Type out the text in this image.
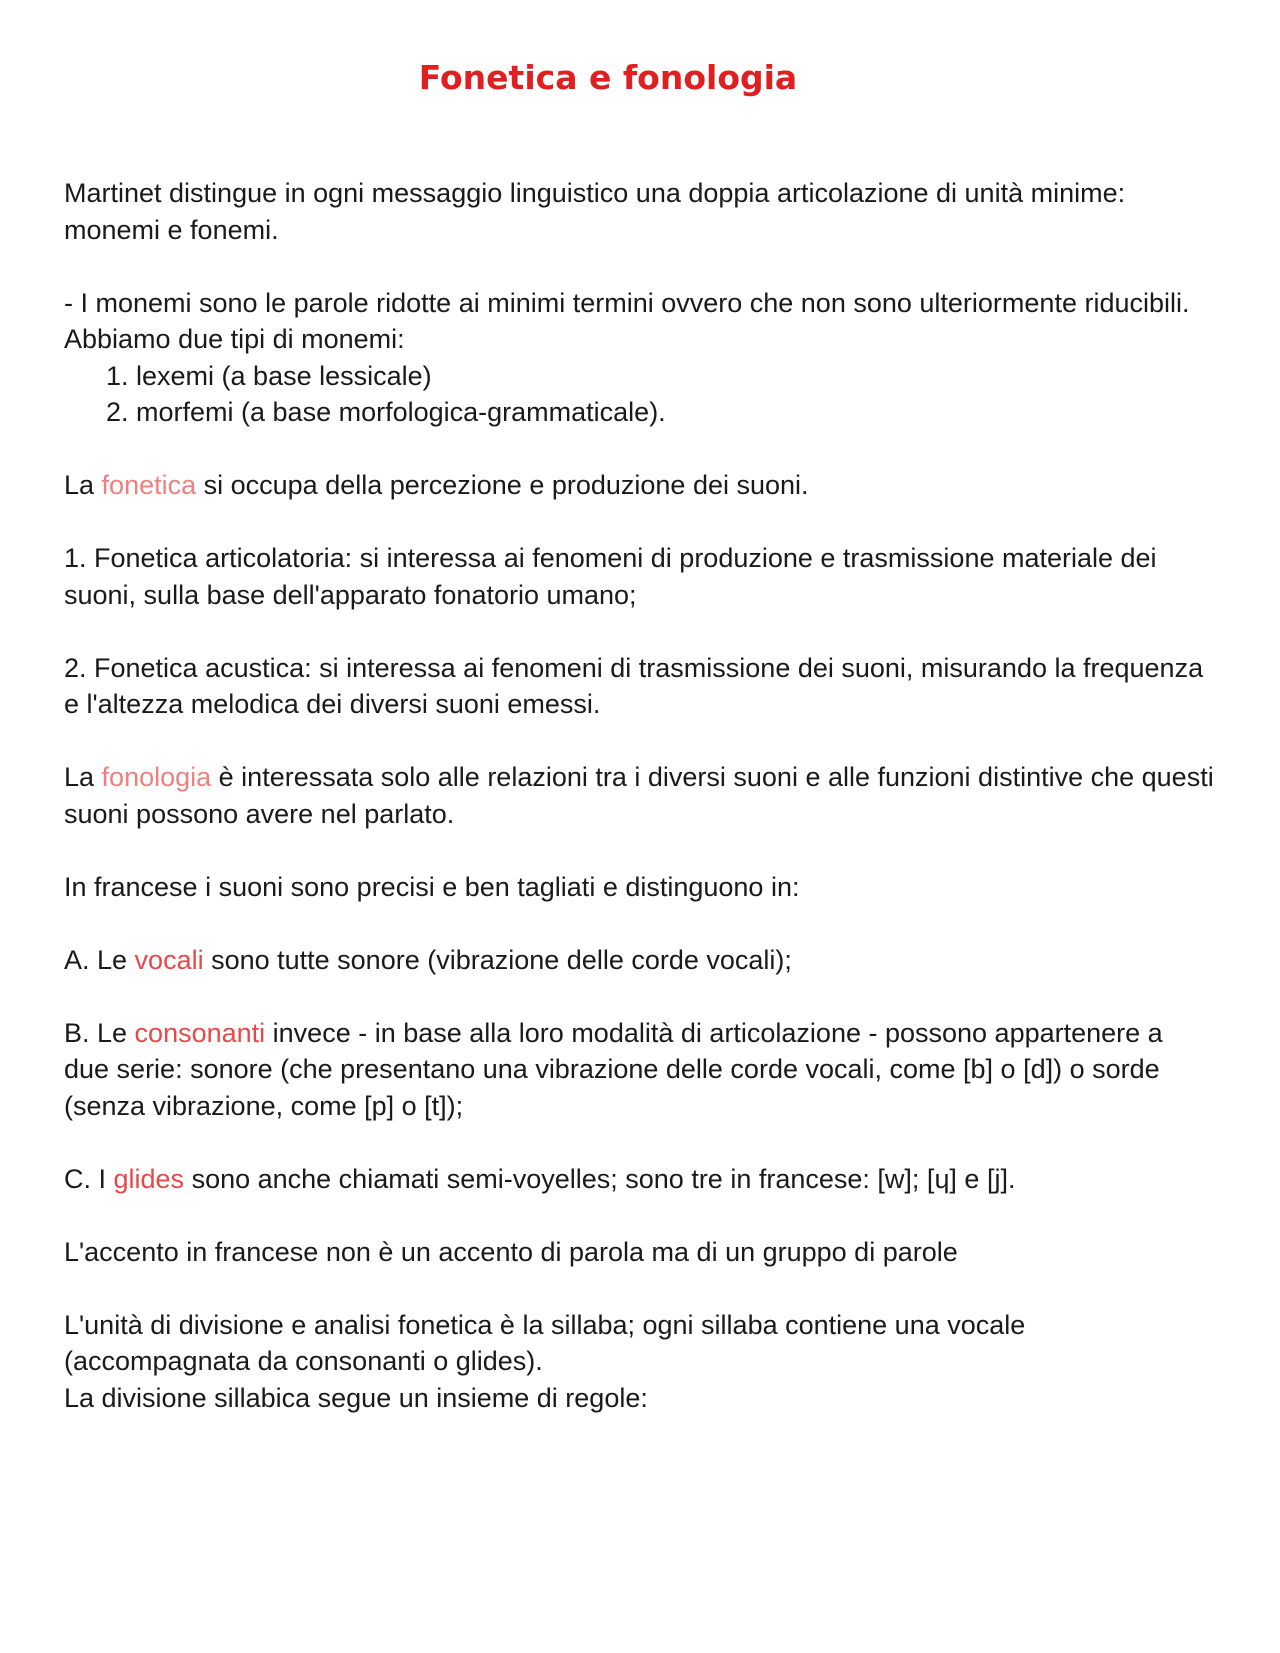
Fonetica e fonologia

Martinet distingue in ogni messaggio linguistico una doppia articolazione di unità minime: monemi e fonemi.

- I monemi sono le parole ridotte ai minimi termini ovvero che non sono ulteriormente riducibili.
Abbiamo due tipi di monemi:
1. lexemi (a base lessicale)
2. morfemi (a base morfologica-grammaticale).

La fonetica si occupa della percezione e produzione dei suoni.

1. Fonetica articolatoria: si interessa ai fenomeni di produzione e trasmissione materiale dei suoni, sulla base dell'apparato fonatorio umano;

2. Fonetica acustica: si interessa ai fenomeni di trasmissione dei suoni, misurando la frequenza e l'altezza melodica dei diversi suoni emessi.

La fonologia è interessata solo alle relazioni tra i diversi suoni e alle funzioni distintive che questi suoni possono avere nel parlato.

In francese i suoni sono precisi e ben tagliati e distinguono in:

A. Le vocali sono tutte sonore (vibrazione delle corde vocali);

B. Le consonanti invece - in base alla loro modalità di articolazione - possono appartenere a due serie: sonore (che presentano una vibrazione delle corde vocali, come [b] o [d]) o sorde (senza vibrazione, come [p] o [t]);

C. I glides sono anche chiamati semi-voyelles; sono tre in francese: [w]; [ɥ] e [j].

L'accento in francese non è un accento di parola ma di un gruppo di parole

L'unità di divisione e analisi fonetica è la sillaba; ogni sillaba contiene una vocale (accompagnata da consonanti o glides).
La divisione sillabica segue un insieme di regole:
